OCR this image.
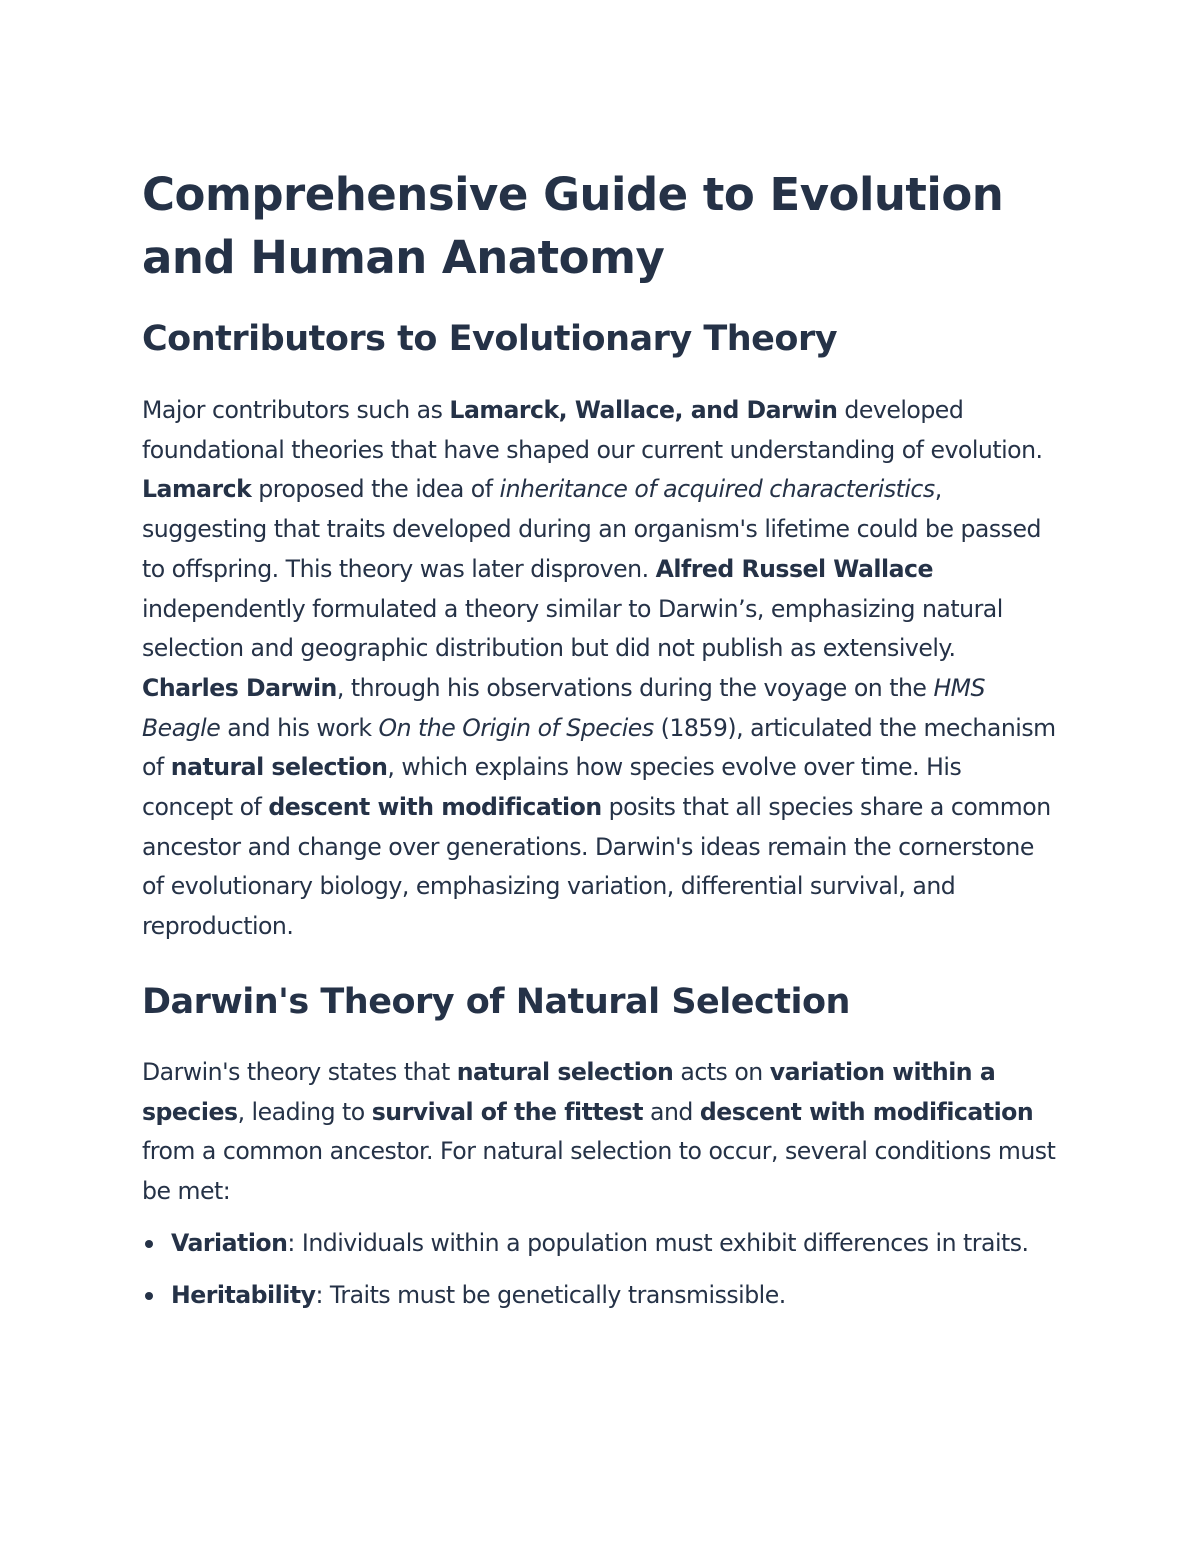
Comprehensive Guide to Evolution and Human Anatomy
Contributors to Evolutionary Theory

Major contributors such as Lamarck, Wallace, and Darwin developed foundational theories that have shaped our current understanding of evolution. Lamarck proposed the idea of inheritance of acquired characteristics, suggesting that traits developed during an organism's lifetime could be passed to offspring. This theory was later disproven. Alfred Russel Wallace independently formulated a theory similar to Darwin’s, emphasizing natural selection and geographic distribution but did not publish as extensively. Charles Darwin, through his observations during the voyage on the HMS Beagle and his work On the Origin of Species (1859), articulated the mechanism of natural selection, which explains how species evolve over time. His concept of descent with modification posits that all species share a common ancestor and change over generations. Darwin's ideas remain the cornerstone of evolutionary biology, emphasizing variation, differential survival, and reproduction.

Darwin's Theory of Natural Selection

Darwin's theory states that natural selection acts on variation within a species, leading to survival of the fittest and descent with modification from a common ancestor. For natural selection to occur, several conditions must be met:

Variation: Individuals within a population must exhibit differences in traits.
Heritability: Traits must be genetically transmissible.
